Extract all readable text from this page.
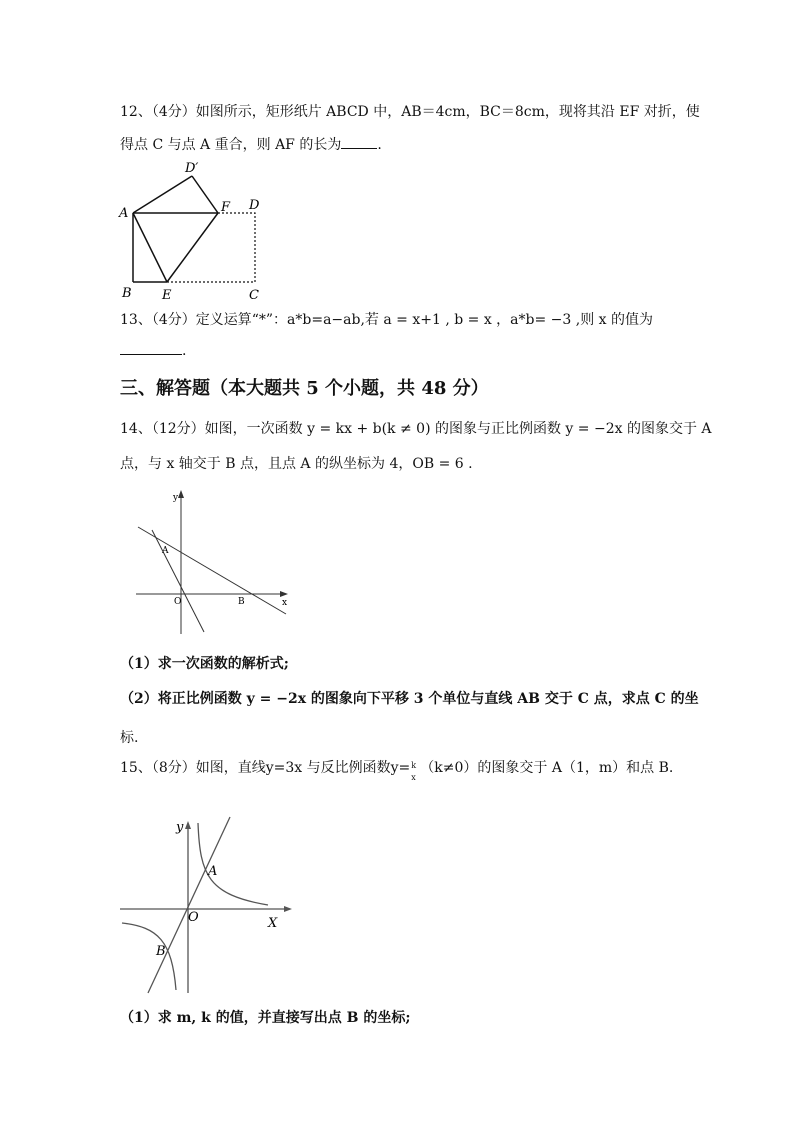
12、（4分）如图所示，矩形纸片 ABCD 中，AB＝4cm，BC＝8cm，现将其沿 EF 对折，使
得点 C 与点 A 重合，则 AF 的长为	.
D′
A	F D
B E	C
13、（4分）定义运算“*”：a*b=a−ab,若 a = x+1 , b = x ，a*b= −3 ,则 x 的值为
.
三、解答题（本大题共 5 个小题，共 48 分）
14、（12分）如图，一次函数 y = kx + b(k ≠ 0) 的图象与正比例函数 y = −2x 的图象交于 A
点，与 x 轴交于 B 点，且点 A 的纵坐标为 4，OB = 6 .
y
x
A
O	B
（1）求一次函数的解析式;
（2）将正比例函数 y = −2x 的图象向下平移 3 个单位与直线 AB 交于 C 点，求点 C 的坐
标.
15、（8分）如图，直线y=3x 与反比例函数y= k
x
（k≠0）的图象交于 A（1，m）和点 B.
y
X
A
O
B
（1）求 m, k 的值，并直接写出点 B 的坐标;
